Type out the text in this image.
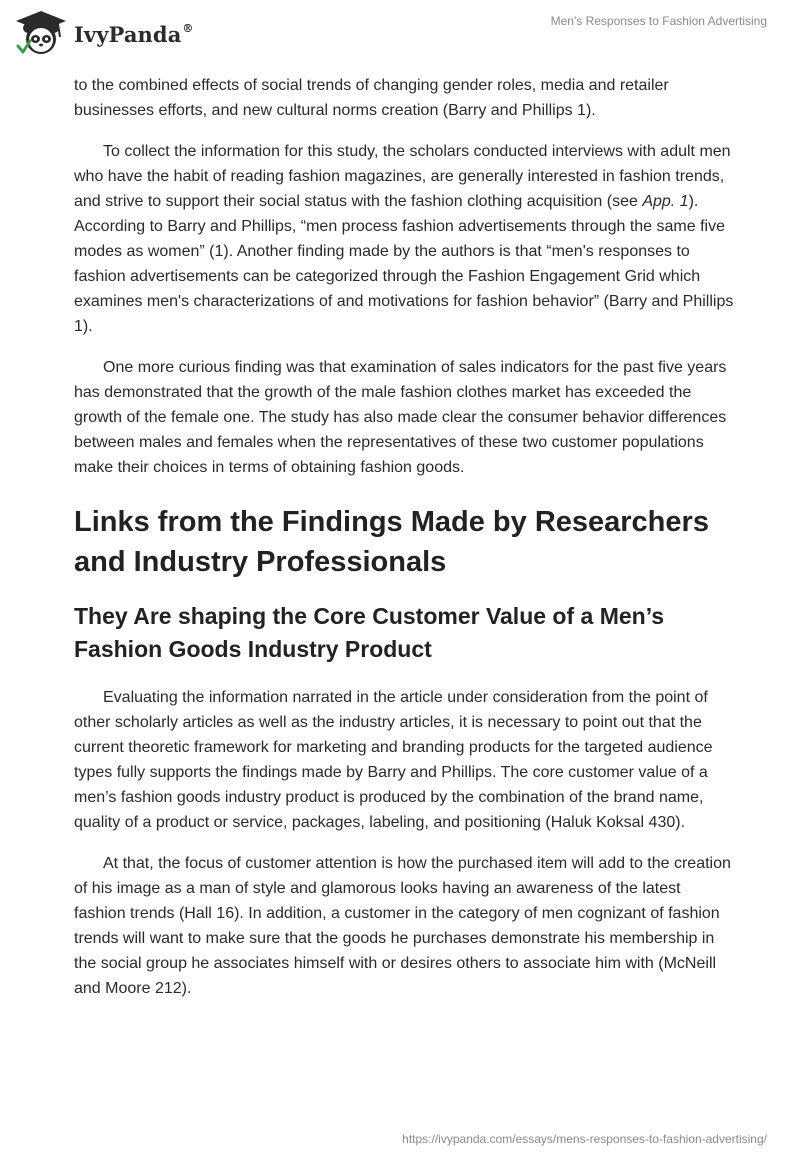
IvyPanda®	Men's Responses to Fashion Advertising

to the combined effects of social trends of changing gender roles, media and retailer businesses efforts, and new cultural norms creation (Barry and Phillips 1).

To collect the information for this study, the scholars conducted interviews with adult men who have the habit of reading fashion magazines, are generally interested in fashion trends, and strive to support their social status with the fashion clothing acquisition (see App. 1). According to Barry and Phillips, “men process fashion advertisements through the same five modes as women” (1). Another finding made by the authors is that “men's responses to fashion advertisements can be categorized through the Fashion Engagement Grid which examines men's characterizations of and motivations for fashion behavior” (Barry and Phillips 1).

One more curious finding was that examination of sales indicators for the past five years has demonstrated that the growth of the male fashion clothes market has exceeded the growth of the female one. The study has also made clear the consumer behavior differences between males and females when the representatives of these two customer populations make their choices in terms of obtaining fashion goods.

Links from the Findings Made by Researchers and Industry Professionals
They Are shaping the Core Customer Value of a Men’s Fashion Goods Industry Product

Evaluating the information narrated in the article under consideration from the point of other scholarly articles as well as the industry articles, it is necessary to point out that the current theoretic framework for marketing and branding products for the targeted audience types fully supports the findings made by Barry and Phillips. The core customer value of a men’s fashion goods industry product is produced by the combination of the brand name, quality of a product or service, packages, labeling, and positioning (Haluk Koksal 430).

At that, the focus of customer attention is how the purchased item will add to the creation of his image as a man of style and glamorous looks having an awareness of the latest fashion trends (Hall 16). In addition, a customer in the category of men cognizant of fashion trends will want to make sure that the goods he purchases demonstrate his membership in the social group he associates himself with or desires others to associate him with (McNeill and Moore 212).

https://ivypanda.com/essays/mens-responses-to-fashion-advertising/
